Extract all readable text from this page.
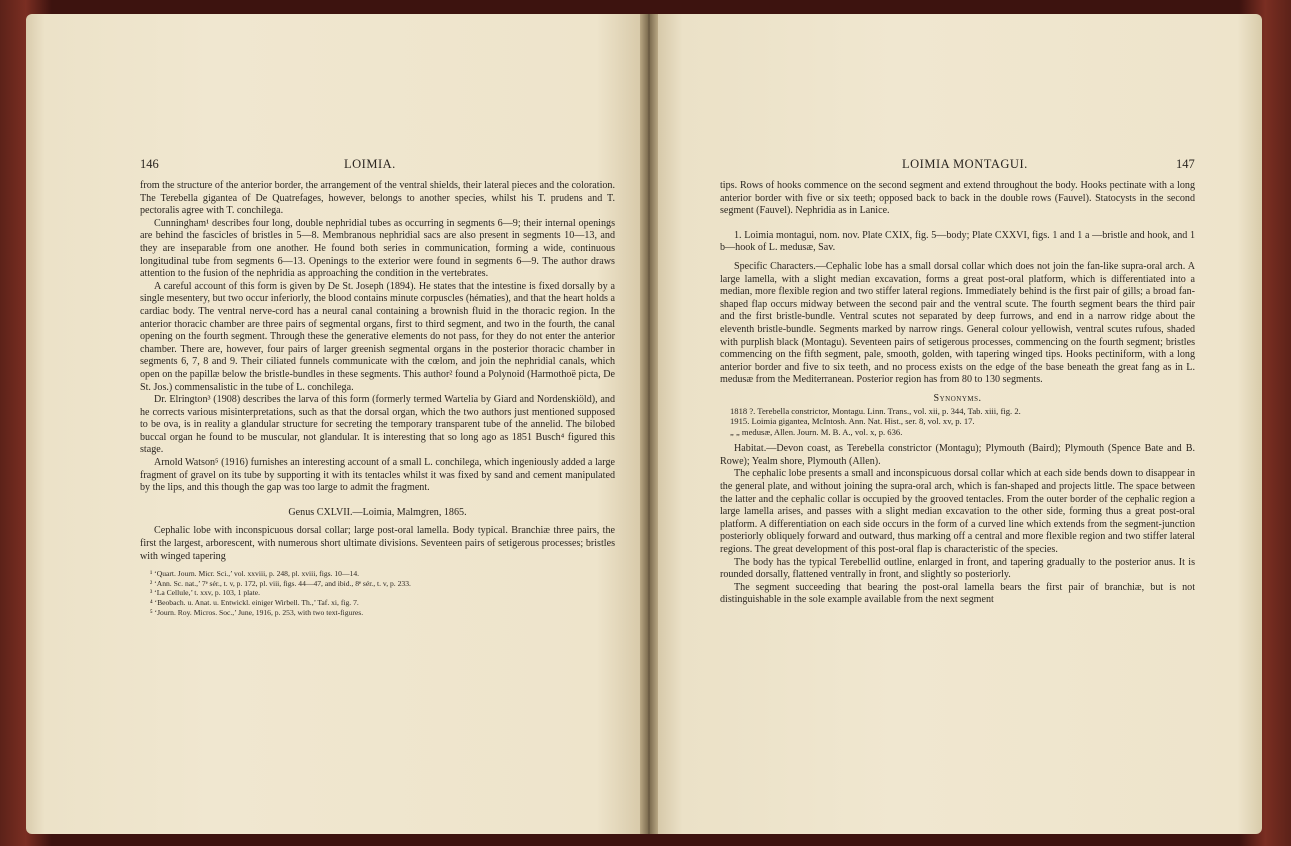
146	LOIMIA.

from the structure of the anterior border, the arrangement of the ventral shields, their lateral pieces and the coloration. The Terebella gigantea of De Quatrefages, however, belongs to another species, whilst his T. prudens and T. pectoralis agree with T. conchilega.

Cunningham¹ describes four long, double nephridial tubes as occurring in segments 6—9; their internal openings are behind the fascicles of bristles in 5—8. Membranous nephridial sacs are also present in segments 10—13, and they are inseparable from one another. He found both series in communication, forming a wide, continuous longitudinal tube from segments 6—13. Openings to the exterior were found in segments 6—9. The author draws attention to the fusion of the nephridia as approaching the condition in the vertebrates.

A careful account of this form is given by De St. Joseph (1894). He states that the intestine is fixed dorsally by a single mesentery, but two occur inferiorly, the blood contains minute corpuscles (hématies), and that the heart holds a cardiac body. The ventral nerve-cord has a neural canal containing a brownish fluid in the thoracic region. In the anterior thoracic chamber are three pairs of segmental organs, first to third segment, and two in the fourth, the canal opening on the fourth segment. Through these the generative elements do not pass, for they do not enter the anterior chamber. There are, however, four pairs of larger greenish segmental organs in the posterior thoracic chamber in segments 6, 7, 8 and 9. Their ciliated funnels communicate with the cœlom, and join the nephridial canals, which open on the papillæ below the bristle-bundles in these segments. This author² found a Polynoid (Harmothoë picta, De St. Jos.) commensalistic in the tube of L. conchilega.

Dr. Elrington³ (1908) describes the larva of this form (formerly termed Wartelia by Giard and Nordenskiöld), and he corrects various misinterpretations, such as that the dorsal organ, which the two authors just mentioned supposed to be ova, is in reality a glandular structure for secreting the temporary transparent tube of the annelid. The bilobed buccal organ he found to be muscular, not glandular. It is interesting that so long ago as 1851 Busch⁴ figured this stage.

Arnold Watson⁵ (1916) furnishes an interesting account of a small L. conchilega, which ingeniously added a large fragment of gravel on its tube by supporting it with its tentacles whilst it was fixed by sand and cement manipulated by the lips, and this though the gap was too large to admit the fragment.

Genus CXLVII.—Loimia, Malmgren, 1865.

Cephalic lobe with inconspicuous dorsal collar; large post-oral lamella. Body typical. Branchiæ three pairs, the first the largest, arborescent, with numerous short ultimate divisions. Seventeen pairs of setigerous processes; bristles with winged tapering

¹ ‘Quart. Journ. Micr. Sci.,’ vol. xxviii, p. 248, pl. xviii, figs. 10—14.

² ‘Ann. Sc. nat.,’ 7ᵉ sér., t. v, p. 172, pl. viii, figs. 44—47, and ibid., 8ᵉ sér., t. v, p. 233.

³ ‘La Cellule,’ t. xxv, p. 103, 1 plate.

⁴ ‘Beobach. u. Anat. u. Entwickl. einiger Wirbell. Th.,’ Taf. xi, fig. 7.

⁵ ‘Journ. Roy. Micros. Soc.,’ June, 1916, p. 253, with two text-figures.

LOIMIA MONTAGUI.	147

tips. Rows of hooks commence on the second segment and extend throughout the body. Hooks pectinate with a long anterior border with five or six teeth; opposed back to back in the double rows (Fauvel). Statocysts in the second segment (Fauvel). Nephridia as in Lanice.

1. Loimia montagui, nom. nov. Plate CXIX, fig. 5—body; Plate CXXVI, figs. 1 and 1 a —bristle and hook, and 1 b—hook of L. medusæ, Sav.

Specific Characters.—Cephalic lobe has a small dorsal collar which does not join the fan-like supra-oral arch. A large lamella, with a slight median excavation, forms a great post-oral platform, which is differentiated into a median, more flexible region and two stiffer lateral regions. Immediately behind is the first pair of gills; a broad fan-shaped flap occurs midway between the second pair and the ventral scute. The fourth segment bears the third pair and the first bristle-bundle. Ventral scutes not separated by deep furrows, and end in a narrow ridge about the eleventh bristle-bundle. Segments marked by narrow rings. General colour yellowish, ventral scutes rufous, shaded with purplish black (Montagu). Seventeen pairs of setigerous processes, commencing on the fourth segment; bristles commencing on the fifth segment, pale, smooth, golden, with tapering winged tips. Hooks pectiniform, with a long anterior border and five to six teeth, and no process exists on the edge of the base beneath the great fang as in L. medusæ from the Mediterranean. Posterior region has from 80 to 130 segments.

Synonyms.

1818 ?. Terebella constrictor, Montagu. Linn. Trans., vol. xii, p. 344, Tab. xiii, fig. 2.

1915. Loimia gigantea, McIntosh. Ann. Nat. Hist., ser. 8, vol. xv, p. 17.

„ „ medusæ, Allen. Journ. M. B. A., vol. x, p. 636.

Habitat.—Devon coast, as Terebella constrictor (Montagu); Plymouth (Baird); Plymouth (Spence Bate and B. Rowe); Yealm shore, Plymouth (Allen).

The cephalic lobe presents a small and inconspicuous dorsal collar which at each side bends down to disappear in the general plate, and without joining the supra-oral arch, which is fan-shaped and projects little. The space between the latter and the cephalic collar is occupied by the grooved tentacles. From the outer border of the cephalic region a large lamella arises, and passes with a slight median excavation to the other side, forming thus a great post-oral platform. A differentiation on each side occurs in the form of a curved line which extends from the segment-junction posteriorly obliquely forward and outward, thus marking off a central and more flexible region and two stiffer lateral regions. The great development of this post-oral flap is characteristic of the species.

The body has the typical Terebellid outline, enlarged in front, and tapering gradually to the posterior anus. It is rounded dorsally, flattened ventrally in front, and slightly so posteriorly.

The segment succeeding that bearing the post-oral lamella bears the first pair of branchiæ, but is not distinguishable in the sole example available from the next segment
